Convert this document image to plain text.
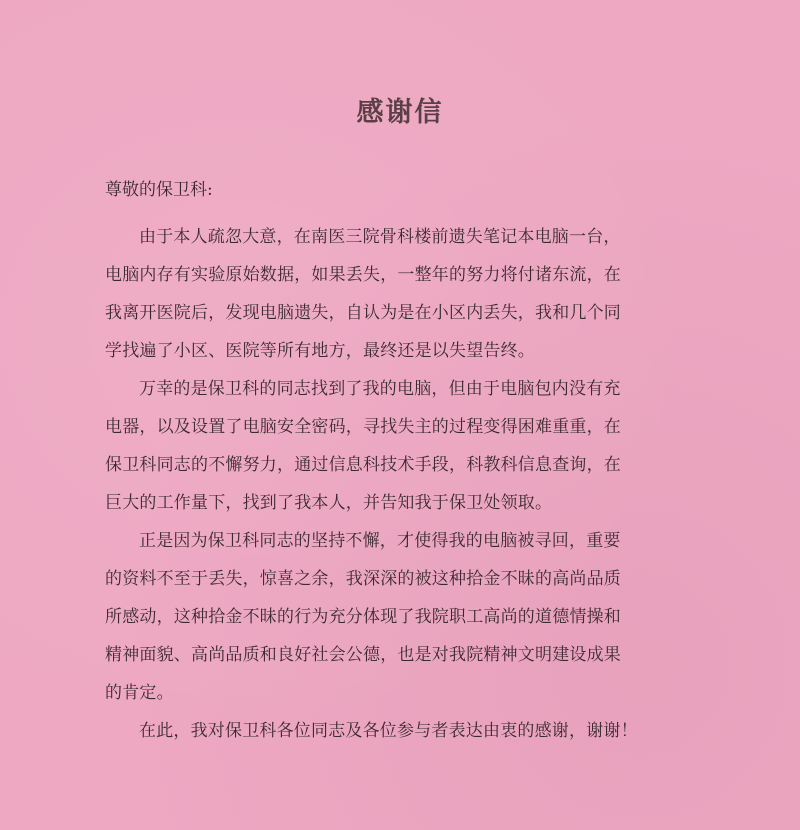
感谢信
尊敬的保卫科:
由于本人疏忽大意，在南医三院骨科楼前遗失笔记本电脑一台，
电脑内存有实验原始数据，如果丢失，一整年的努力将付诸东流，在
我离开医院后，发现电脑遗失，自认为是在小区内丢失，我和几个同
学找遍了小区、医院等所有地方，最终还是以失望告终。
万幸的是保卫科的同志找到了我的电脑，但由于电脑包内没有充
电器，以及设置了电脑安全密码，寻找失主的过程变得困难重重，在
保卫科同志的不懈努力，通过信息科技术手段，科教科信息查询，在
巨大的工作量下，找到了我本人，并告知我于保卫处领取。
正是因为保卫科同志的坚持不懈，才使得我的电脑被寻回，重要
的资料不至于丢失，惊喜之余，我深深的被这种拾金不昧的高尚品质
所感动，这种拾金不昧的行为充分体现了我院职工高尚的道德情操和
精神面貌、高尚品质和良好社会公德，也是对我院精神文明建设成果
的肯定。
在此，我对保卫科各位同志及各位参与者表达由衷的感谢，谢谢！
